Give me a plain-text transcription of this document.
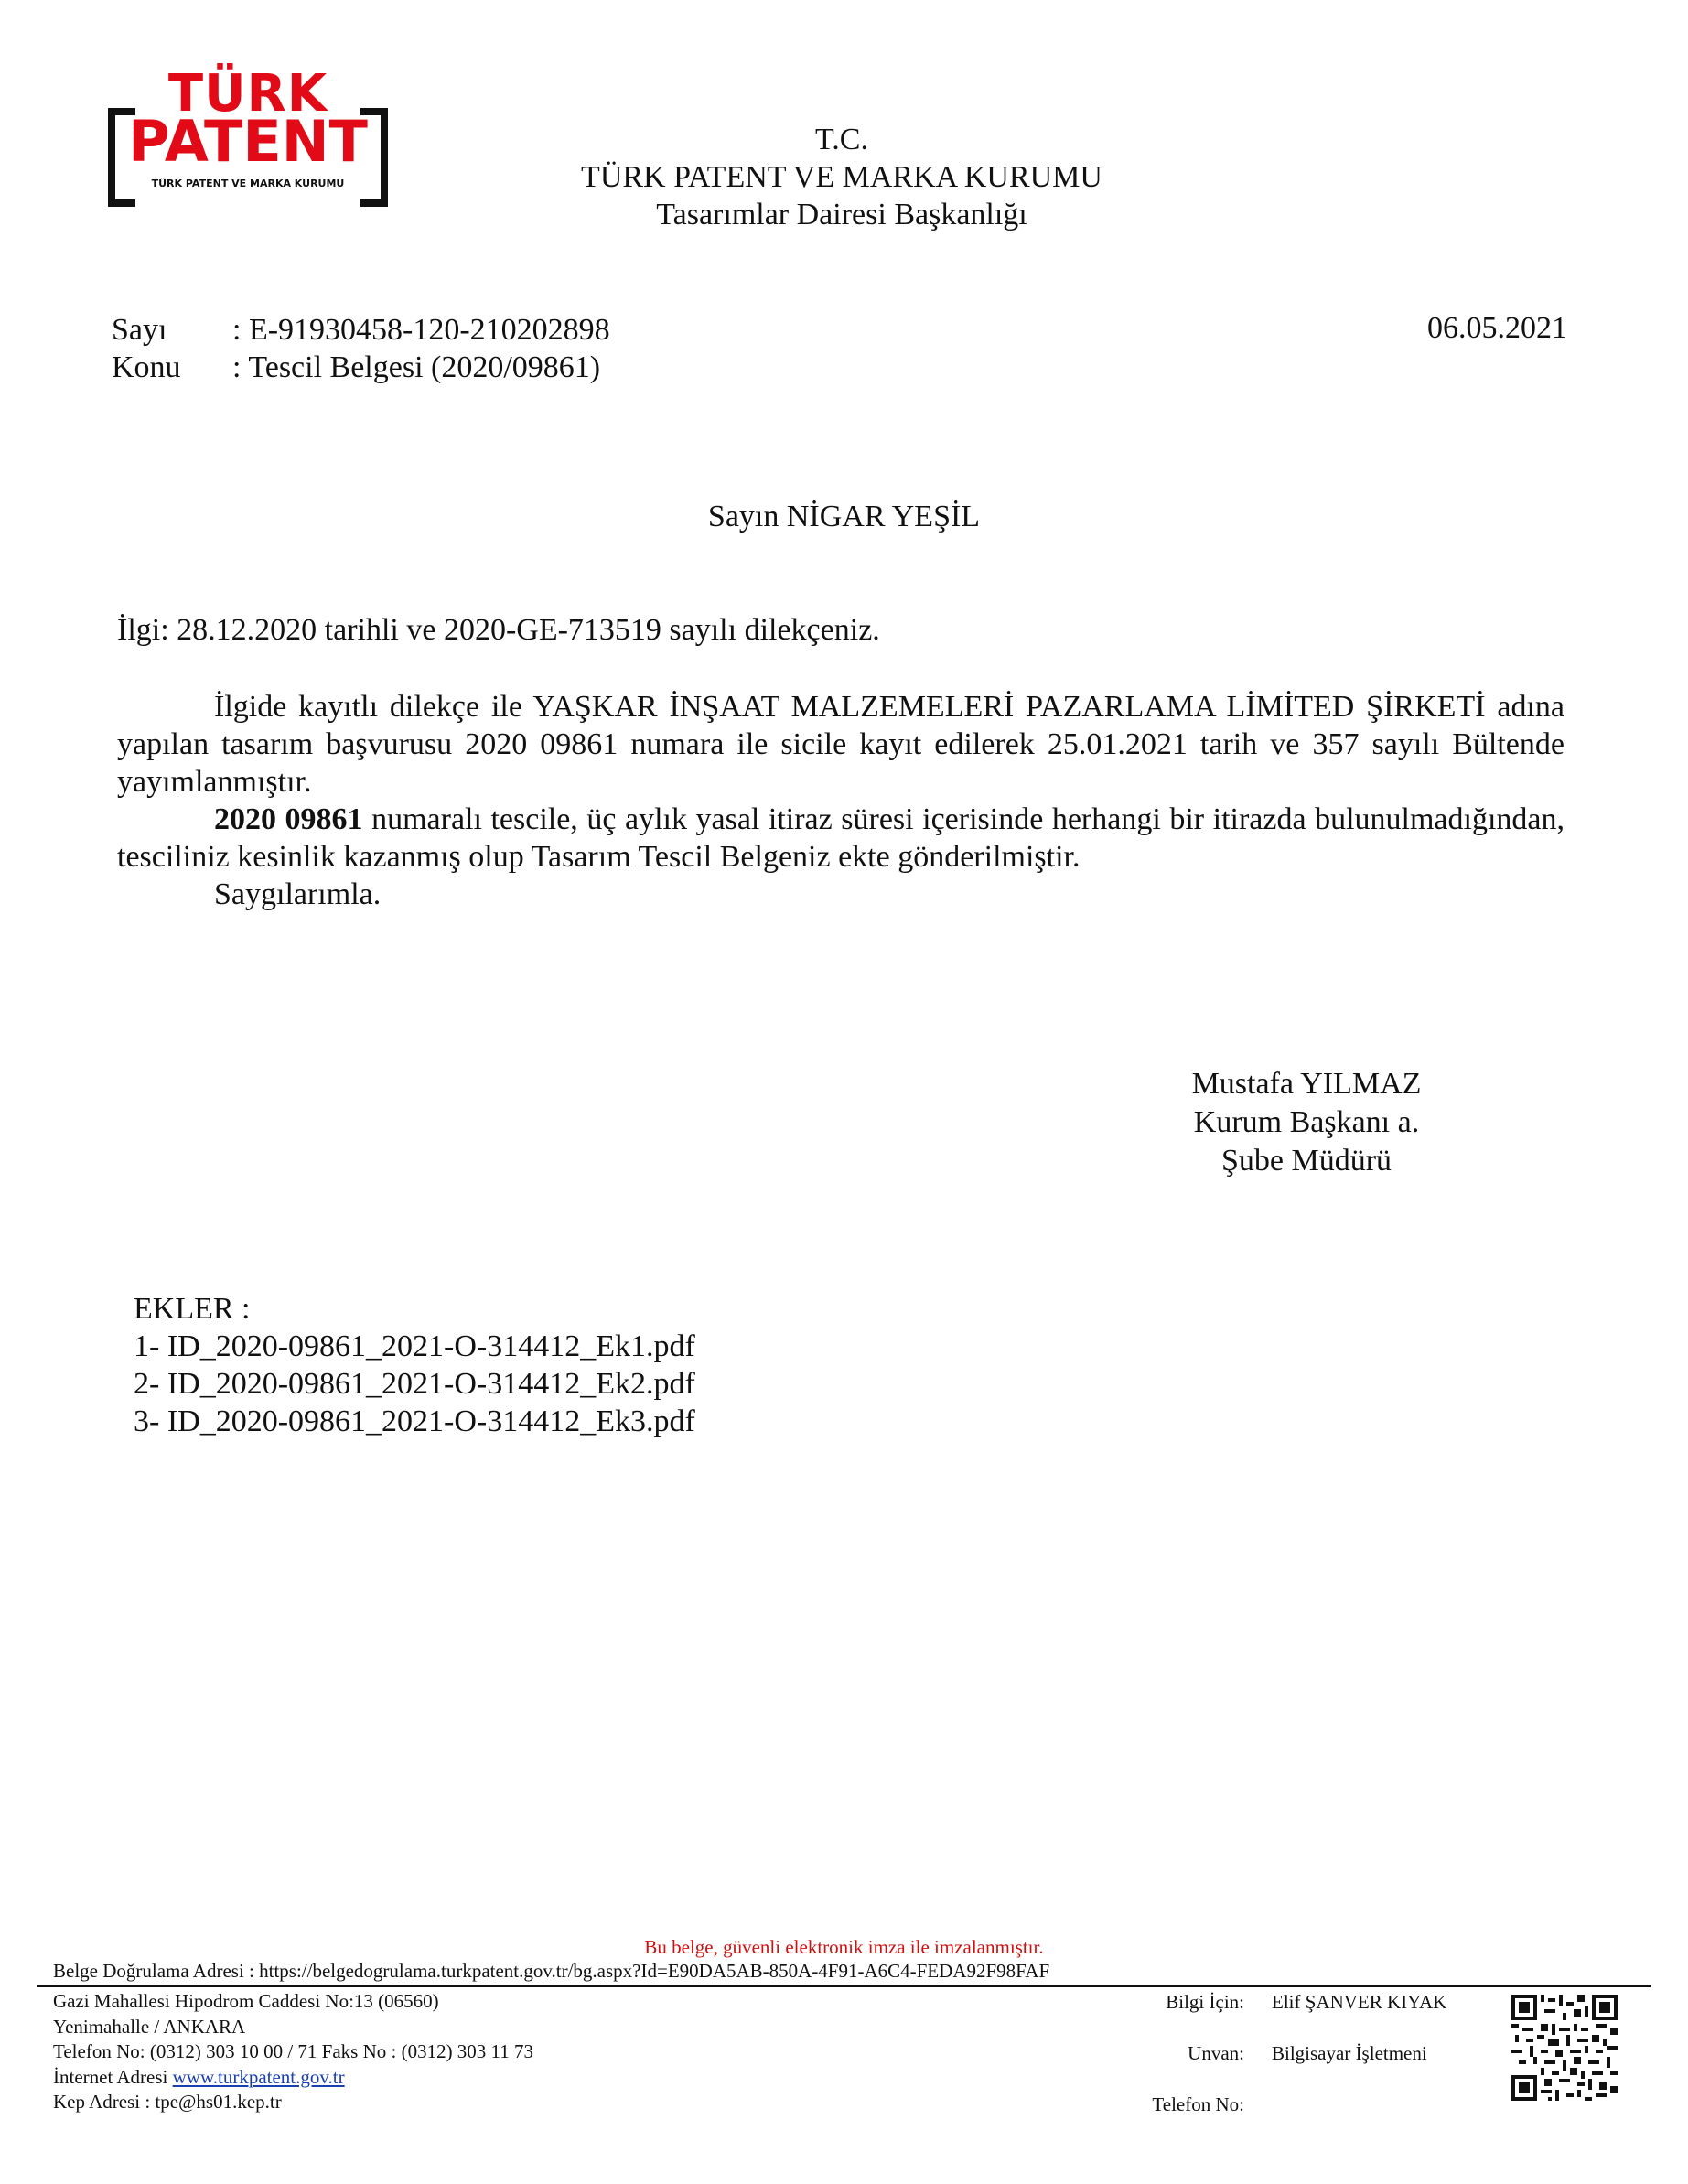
TÜRK
PATENT
TÜRK PATENT VE MARKA KURUMU
T.C.
TÜRK PATENT VE MARKA KURUMU
Tasarımlar Dairesi Başkanlığı
Sayı : E-91930458-120-210202898
Konu : Tescil Belgesi (2020/09861)
06.05.2021
Sayın NİGAR YEŞİL
İlgi: 28.12.2020 tarihli ve 2020-GE-713519 sayılı dilekçeniz.

İlgide kayıtlı dilekçe ile YAŞKAR İNŞAAT MALZEMELERİ PAZARLAMA LİMİTED ŞİRKETİ adına yapılan tasarım başvurusu 2020 09861 numara ile sicile kayıt edilerek 25.01.2021 tarih ve 357 sayılı Bültende yayımlanmıştır.

2020 09861 numaralı tescile, üç aylık yasal itiraz süresi içerisinde herhangi bir itirazda bulunulmadığından, tesciliniz kesinlik kazanmış olup Tasarım Tescil Belgeniz ekte gönderilmiştir.

Saygılarımla.

Mustafa YILMAZ
Kurum Başkanı a.
Şube Müdürü
EKLER :
1- ID_2020-09861_2021-O-314412_Ek1.pdf
2- ID_2020-09861_2021-O-314412_Ek2.pdf
3- ID_2020-09861_2021-O-314412_Ek3.pdf
Bu belge, güvenli elektronik imza ile imzalanmıştır.
Belge Doğrulama Adresi : https://belgedogrulama.turkpatent.gov.tr/bg.aspx?Id=E90DA5AB-850A-4F91-A6C4-FEDA92F98FAF
Gazi Mahallesi Hipodrom Caddesi No:13 (06560)
Yenimahalle / ANKARA
Telefon No: (0312) 303 10 00 / 71 Faks No : (0312) 303 11 73
İnternet Adresi www.turkpatent.gov.tr
Kep Adresi : tpe@hs01.kep.tr
Bilgi İçin: Elif ŞANVER KIYAK
Unvan: Bilgisayar İşletmeni
Telefon No:
